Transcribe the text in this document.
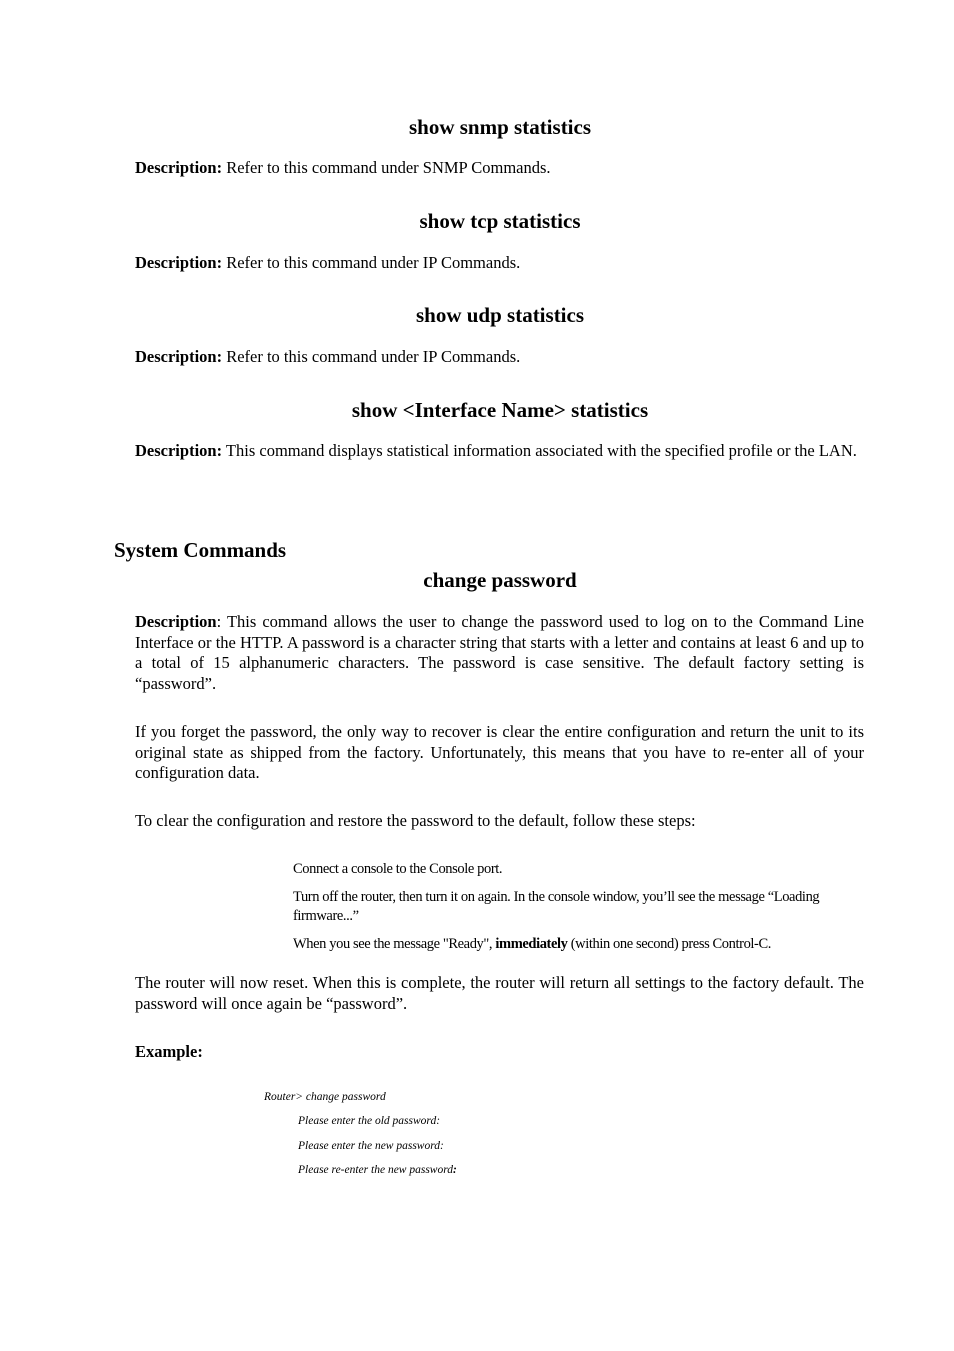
show snmp statistics

Description: Refer to this command under SNMP Commands.

show tcp statistics

Description: Refer to this command under IP Commands.

show udp statistics

Description: Refer to this command under IP Commands.

show <Interface Name> statistics

Description: This command displays statistical information associated with the specified profile or the LAN.

System Commands
change password

Description: This command allows the user to change the password used to log on to the Command Line Interface or the HTTP. A password is a character string that starts with a letter and contains at least 6 and up to a total of 15 alphanumeric characters. The password is case sensitive. The default factory setting is “password”.

If you forget the password, the only way to recover is clear the entire configuration and return the unit to its original state as shipped from the factory. Unfortunately, this means that you have to re-enter all of your configuration data.

To clear the configuration and restore the password to the default, follow these steps:

Connect a console to the Console port.

Turn off the router, then turn it on again. In the console window, you’ll see the message “Loading firmware...”

When you see the message "Ready", immediately (within one second) press Control-C.

The router will now reset. When this is complete, the router will return all settings to the factory default. The password will once again be “password”.

Example:

Router> change password

Please enter the old password:

Please enter the new password:

Please re-enter the new password:
